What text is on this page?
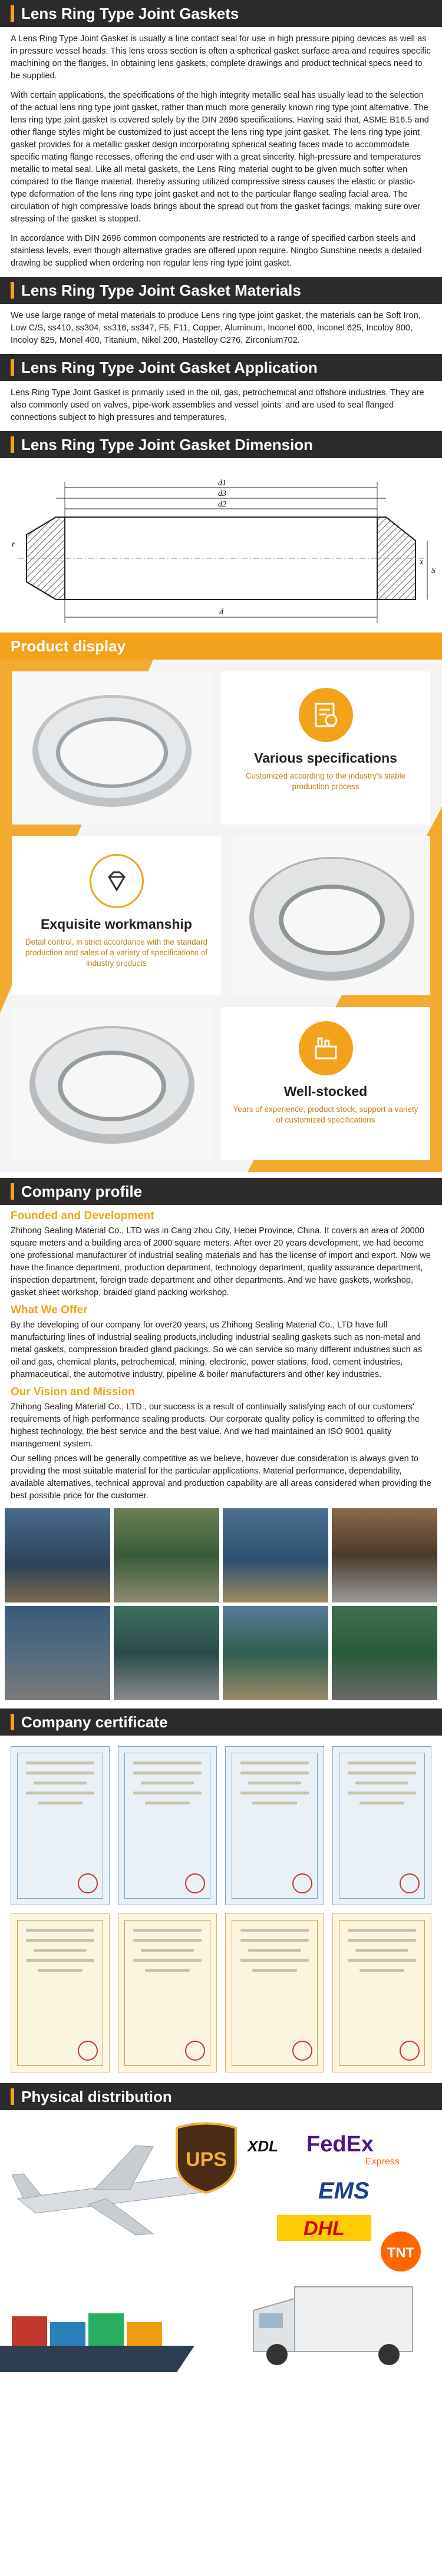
Lens Ring Type Joint Gaskets

A Lens Ring Type Joint Gasket is usually a line contact seal for use in high pressure piping devices as well as in pressure vessel heads. This lens cross section is often a spherical gasket surface area and requires specific machining on the flanges. In obtaining lens gaskets, complete drawings and product technical specs need to be supplied.

With certain applications, the specifications of the high integrity metallic seal has usually lead to the selection of the actual lens ring type joint gasket, rather than much more generally known ring type joint alternative. The lens ring type joint gasket is covered solely by the DIN 2696 specifications. Having said that, ASME B16.5 and other flange styles might be customized to just accept the lens ring type joint gasket. The lens ring type joint gasket provides for a metallic gasket design incorporating spherical seating faces made to accommodate specific mating flange recesses, offering the end user with a great sincerity, high-pressure and temperatures metallic to metal seal. Like all metal gaskets, the Lens Ring material ought to be given much softer when compared to the flange material, thereby assuring utilized compressive stress causes the elastic or plastic-type deformation of the lens ring type joint gasket and not to the particular flange sealing facial area. The circulation of high compressive loads brings about the spread out from the gasket facings, making sure over stressing of the gasket is stopped.

In accordance with DIN 2696 common components are restricted to a range of specified carbon steels and stainless levels, even though alternative grades are offered upon require. Ningbo Sunshine needs a detailed drawing be supplied when ordering non regular lens ring type joint gasket.

Lens Ring Type Joint Gasket Materials

We use large range of metal materials to produce Lens ring type joint gasket, the materials can be Soft Iron, Low C/S, ss410, ss304, ss316, ss347, F5, F11, Copper, Aluminum, Inconel 600, Inconel 625, Incoloy 800, Incoloy 825, Monel 400, Titanium, Nikel 200, Hastelloy C276, Zirconium702.

Lens Ring Type Joint Gasket Application

Lens Ring Type Joint Gasket is primarily used in the oil, gas, petrochemical and offshore industries. They are also commonly used on valves, pipe-work assemblies and vessel joints' and are used to seal flanged connections subject to high pressures and temperatures.

Lens Ring Type Joint Gasket Dimension
d1
d3
d2
d
r
x
S
Product display
Various specifications
Customized according to the industry's stable production process
Exquisite workmanship
Detail control, in strict accordance with the standard production and sales of a variety of specifications of industry products
Well-stocked
Years of experience, product stock, support a variety of customized specifications
Company profile
Founded and Development

Zhihong Sealing Material Co., LTD was in Cang zhou City, Hebei Province, China. It covers an area of 20000 square meters and a building area of 2000 square meters. After over 20 years development, we had become one professional manufacturer of industrial sealing materials and has the license of import and export. Now we have the finance department, production department, technology department, quality assurance department, inspection department, foreign trade department and other departments. And we have gaskets, workshop, gasket sheet workshop, braided gland packing workshop.

What We Offer

By the developing of our company for over20 years, us Zhihong Sealing Material Co., LTD have full manufacturing lines of industrial sealing products,including industrial sealing gaskets such as non-metal and metal gaskets, compression braided gland packings. So we can service so many different industries such as oil and gas, chemical plants, petrochemical, mining, electronic, power stations, food, cement industries, pharmaceutical, the automotive industry, pipeline & boiler manufacturers and other key industries.

Our Vision and Mission

Zhihong Sealing Material Co., LTD., our success is a result of continually satisfying each of our customers' requirements of high performance sealing products. Our corporate quality policy is committed to offering the highest technology, the best service and the best value. And we had maintained an ISO 9001 quality management system.

Our selling prices will be generally competitive as we believe, however due consideration is always given to providing the most suitable material for the particular applications. Material performance, dependability, available alternatives, technical approval and production capability are all areas considered when providing the best possible price for the customer.

Company certificate
Physical distribution
UPS
XDL FedEx
Express
EMS
DHL
TNT
